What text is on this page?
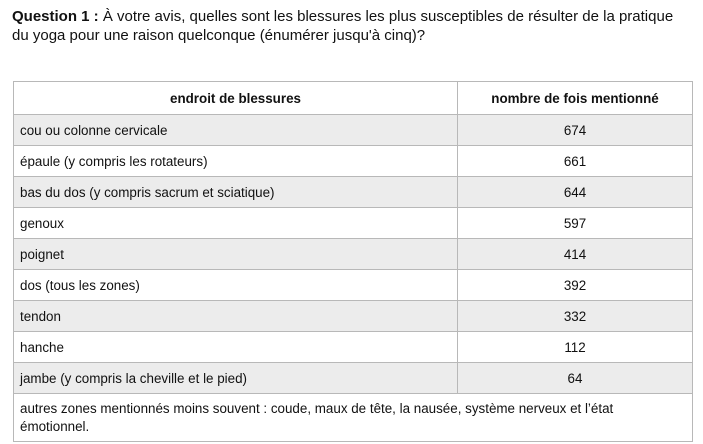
Question 1 : À votre avis, quelles sont les blessures les plus susceptibles de résulter de la pratique du yoga pour une raison quelconque (énumérer jusqu'à cinq)?
endroit de blessures	nombre de fois mentionné
cou ou colonne cervicale	674
épaule (y compris les rotateurs)	661
bas du dos (y compris sacrum et sciatique)	644
genoux	597
poignet	414
dos (tous les zones)	392
tendon	332
hanche	112
jambe (y compris la cheville et le pied)	64
autres zones mentionnés moins souvent : coude, maux de tête, la nausée, système nerveux et l’état émotionnel.	
